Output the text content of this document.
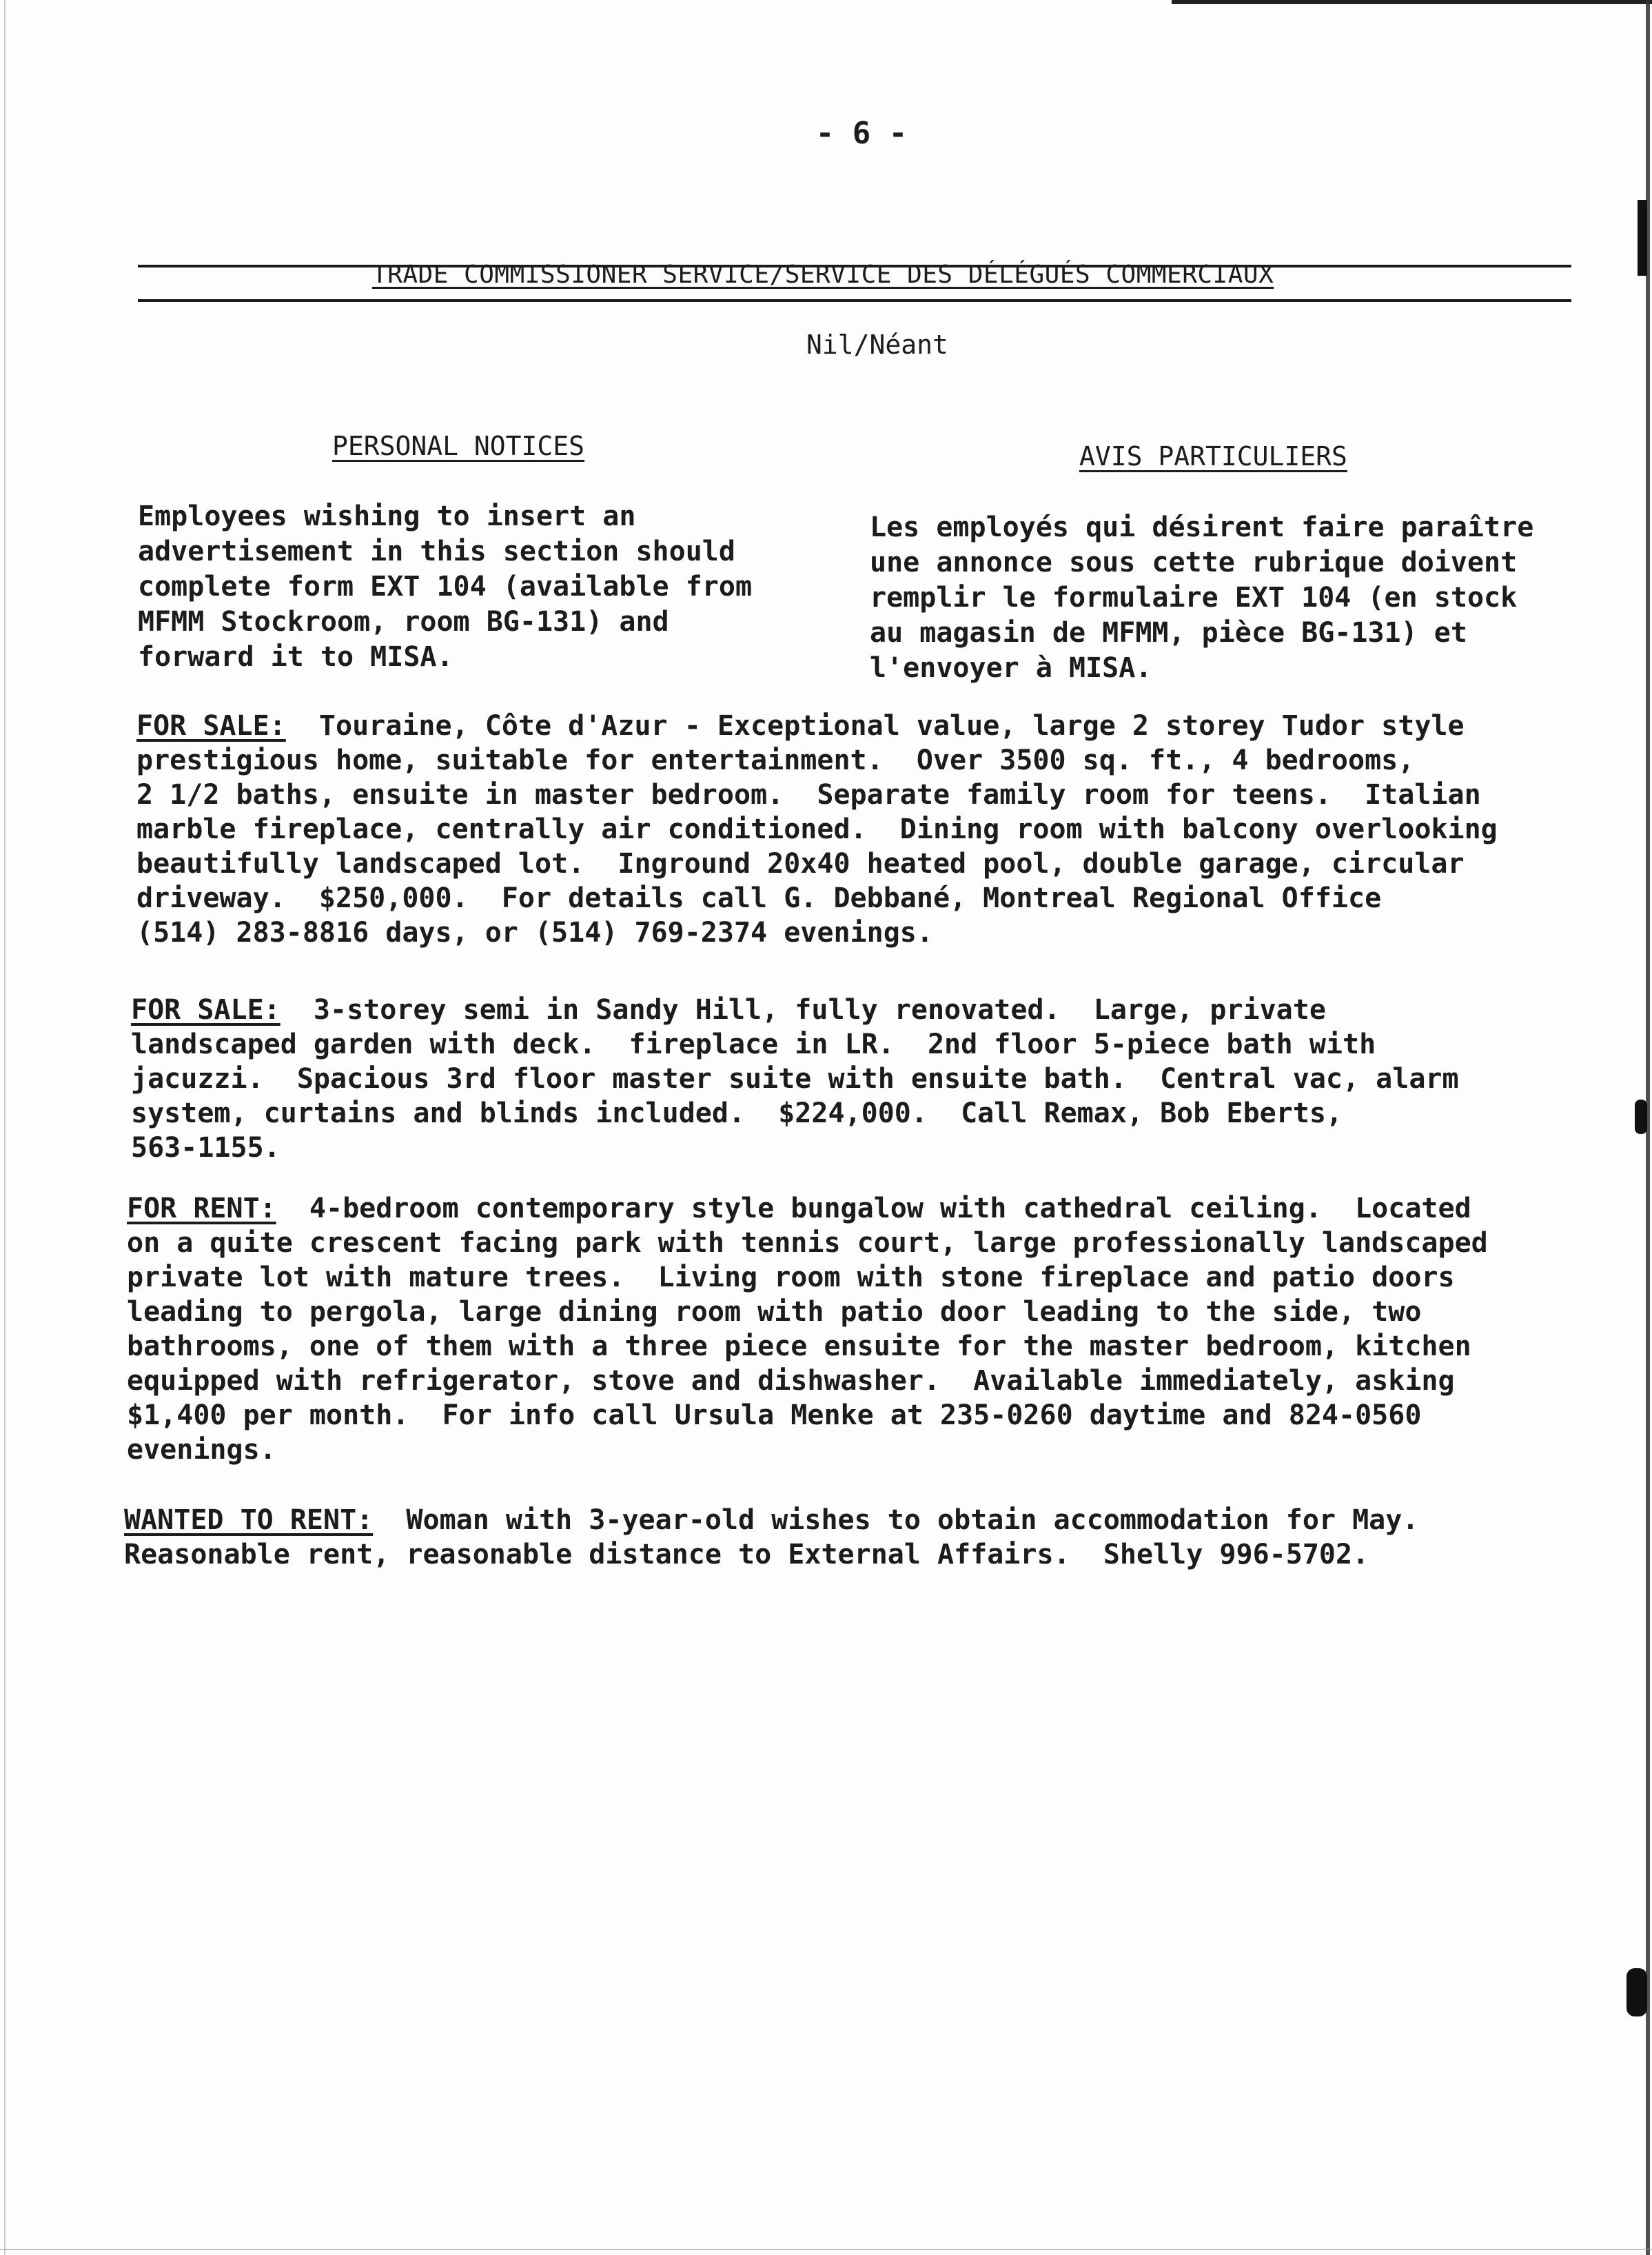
- 6 -
TRADE COMMISSIONER SERVICE/SERVICE DES DÉLÉGUÉS COMMERCIAUX
Nil/Néant
PERSONAL NOTICES	AVIS PARTICULIERS
Employees wishing to insert an
advertisement in this section should
complete form EXT 104 (available from
MFMM Stockroom, room BG-131) and
forward it to MISA.
Les employés qui désirent faire paraître
une annonce sous cette rubrique doivent
remplir le formulaire EXT 104 (en stock
au magasin de MFMM, pièce BG-131) et
l'envoyer à MISA.
FOR SALE:  Touraine, Côte d'Azur - Exceptional value, large 2 storey Tudor style
prestigious home, suitable for entertainment.  Over 3500 sq. ft., 4 bedrooms,
2 1/2 baths, ensuite in master bedroom.  Separate family room for teens.  Italian
marble fireplace, centrally air conditioned.  Dining room with balcony overlooking
beautifully landscaped lot.  Inground 20x40 heated pool, double garage, circular
driveway.  $250,000.  For details call G. Debbané, Montreal Regional Office
(514) 283-8816 days, or (514) 769-2374 evenings.
FOR SALE:  3-storey semi in Sandy Hill, fully renovated.  Large, private
landscaped garden with deck.  fireplace in LR.  2nd floor 5-piece bath with
jacuzzi.  Spacious 3rd floor master suite with ensuite bath.  Central vac, alarm
system, curtains and blinds included.  $224,000.  Call Remax, Bob Eberts,
563-1155.
FOR RENT:  4-bedroom contemporary style bungalow with cathedral ceiling.  Located
on a quite crescent facing park with tennis court, large professionally landscaped
private lot with mature trees.  Living room with stone fireplace and patio doors
leading to pergola, large dining room with patio door leading to the side, two
bathrooms, one of them with a three piece ensuite for the master bedroom, kitchen
equipped with refrigerator, stove and dishwasher.  Available immediately, asking
$1,400 per month.  For info call Ursula Menke at 235-0260 daytime and 824-0560
evenings.
WANTED TO RENT:  Woman with 3-year-old wishes to obtain accommodation for May.
Reasonable rent, reasonable distance to External Affairs.  Shelly 996-5702.
